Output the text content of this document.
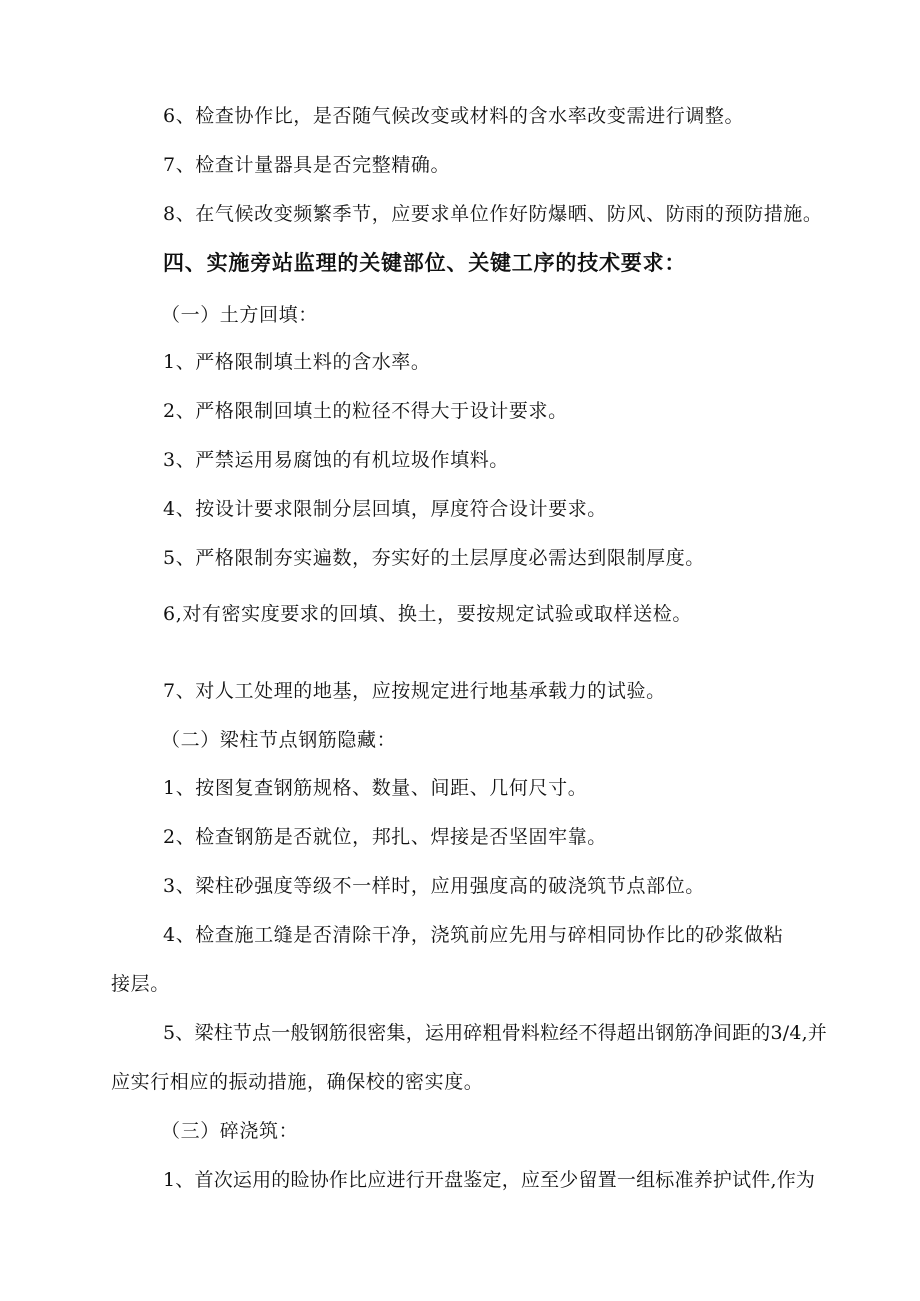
6、检查协作比，是否随气候改变或材料的含水率改变需进行调整。
7、检查计量器具是否完整精确。
8、在气候改变频繁季节，应要求单位作好防爆晒、防风、防雨的预防措施。
四、实施旁站监理的关键部位、关键工序的技术要求：
（一）土方回填：
1、严格限制填土料的含水率。
2、严格限制回填土的粒径不得大于设计要求。
3、严禁运用易腐蚀的有机垃圾作填料。
4、按设计要求限制分层回填，厚度符合设计要求。
5、严格限制夯实遍数，夯实好的土层厚度必需达到限制厚度。
6,对有密实度要求的回填、换土，要按规定试验或取样送检。
7、对人工处理的地基，应按规定进行地基承载力的试验。
（二）梁柱节点钢筋隐藏：
1、按图复查钢筋规格、数量、间距、几何尺寸。
2、检查钢筋是否就位，邦扎、焊接是否坚固牢靠。
3、梁柱砂强度等级不一样时，应用强度高的破浇筑节点部位。
4、检查施工缝是否清除干净，浇筑前应先用与碎相同协作比的砂浆做粘
接层。
5、梁柱节点一般钢筋很密集，运用碎粗骨料粒经不得超出钢筋净间距的3/4,并
应实行相应的振动措施，确保校的密实度。
（三）碎浇筑：
1、首次运用的睑协作比应进行开盘鉴定，应至少留置一组标准养护试件,作为
